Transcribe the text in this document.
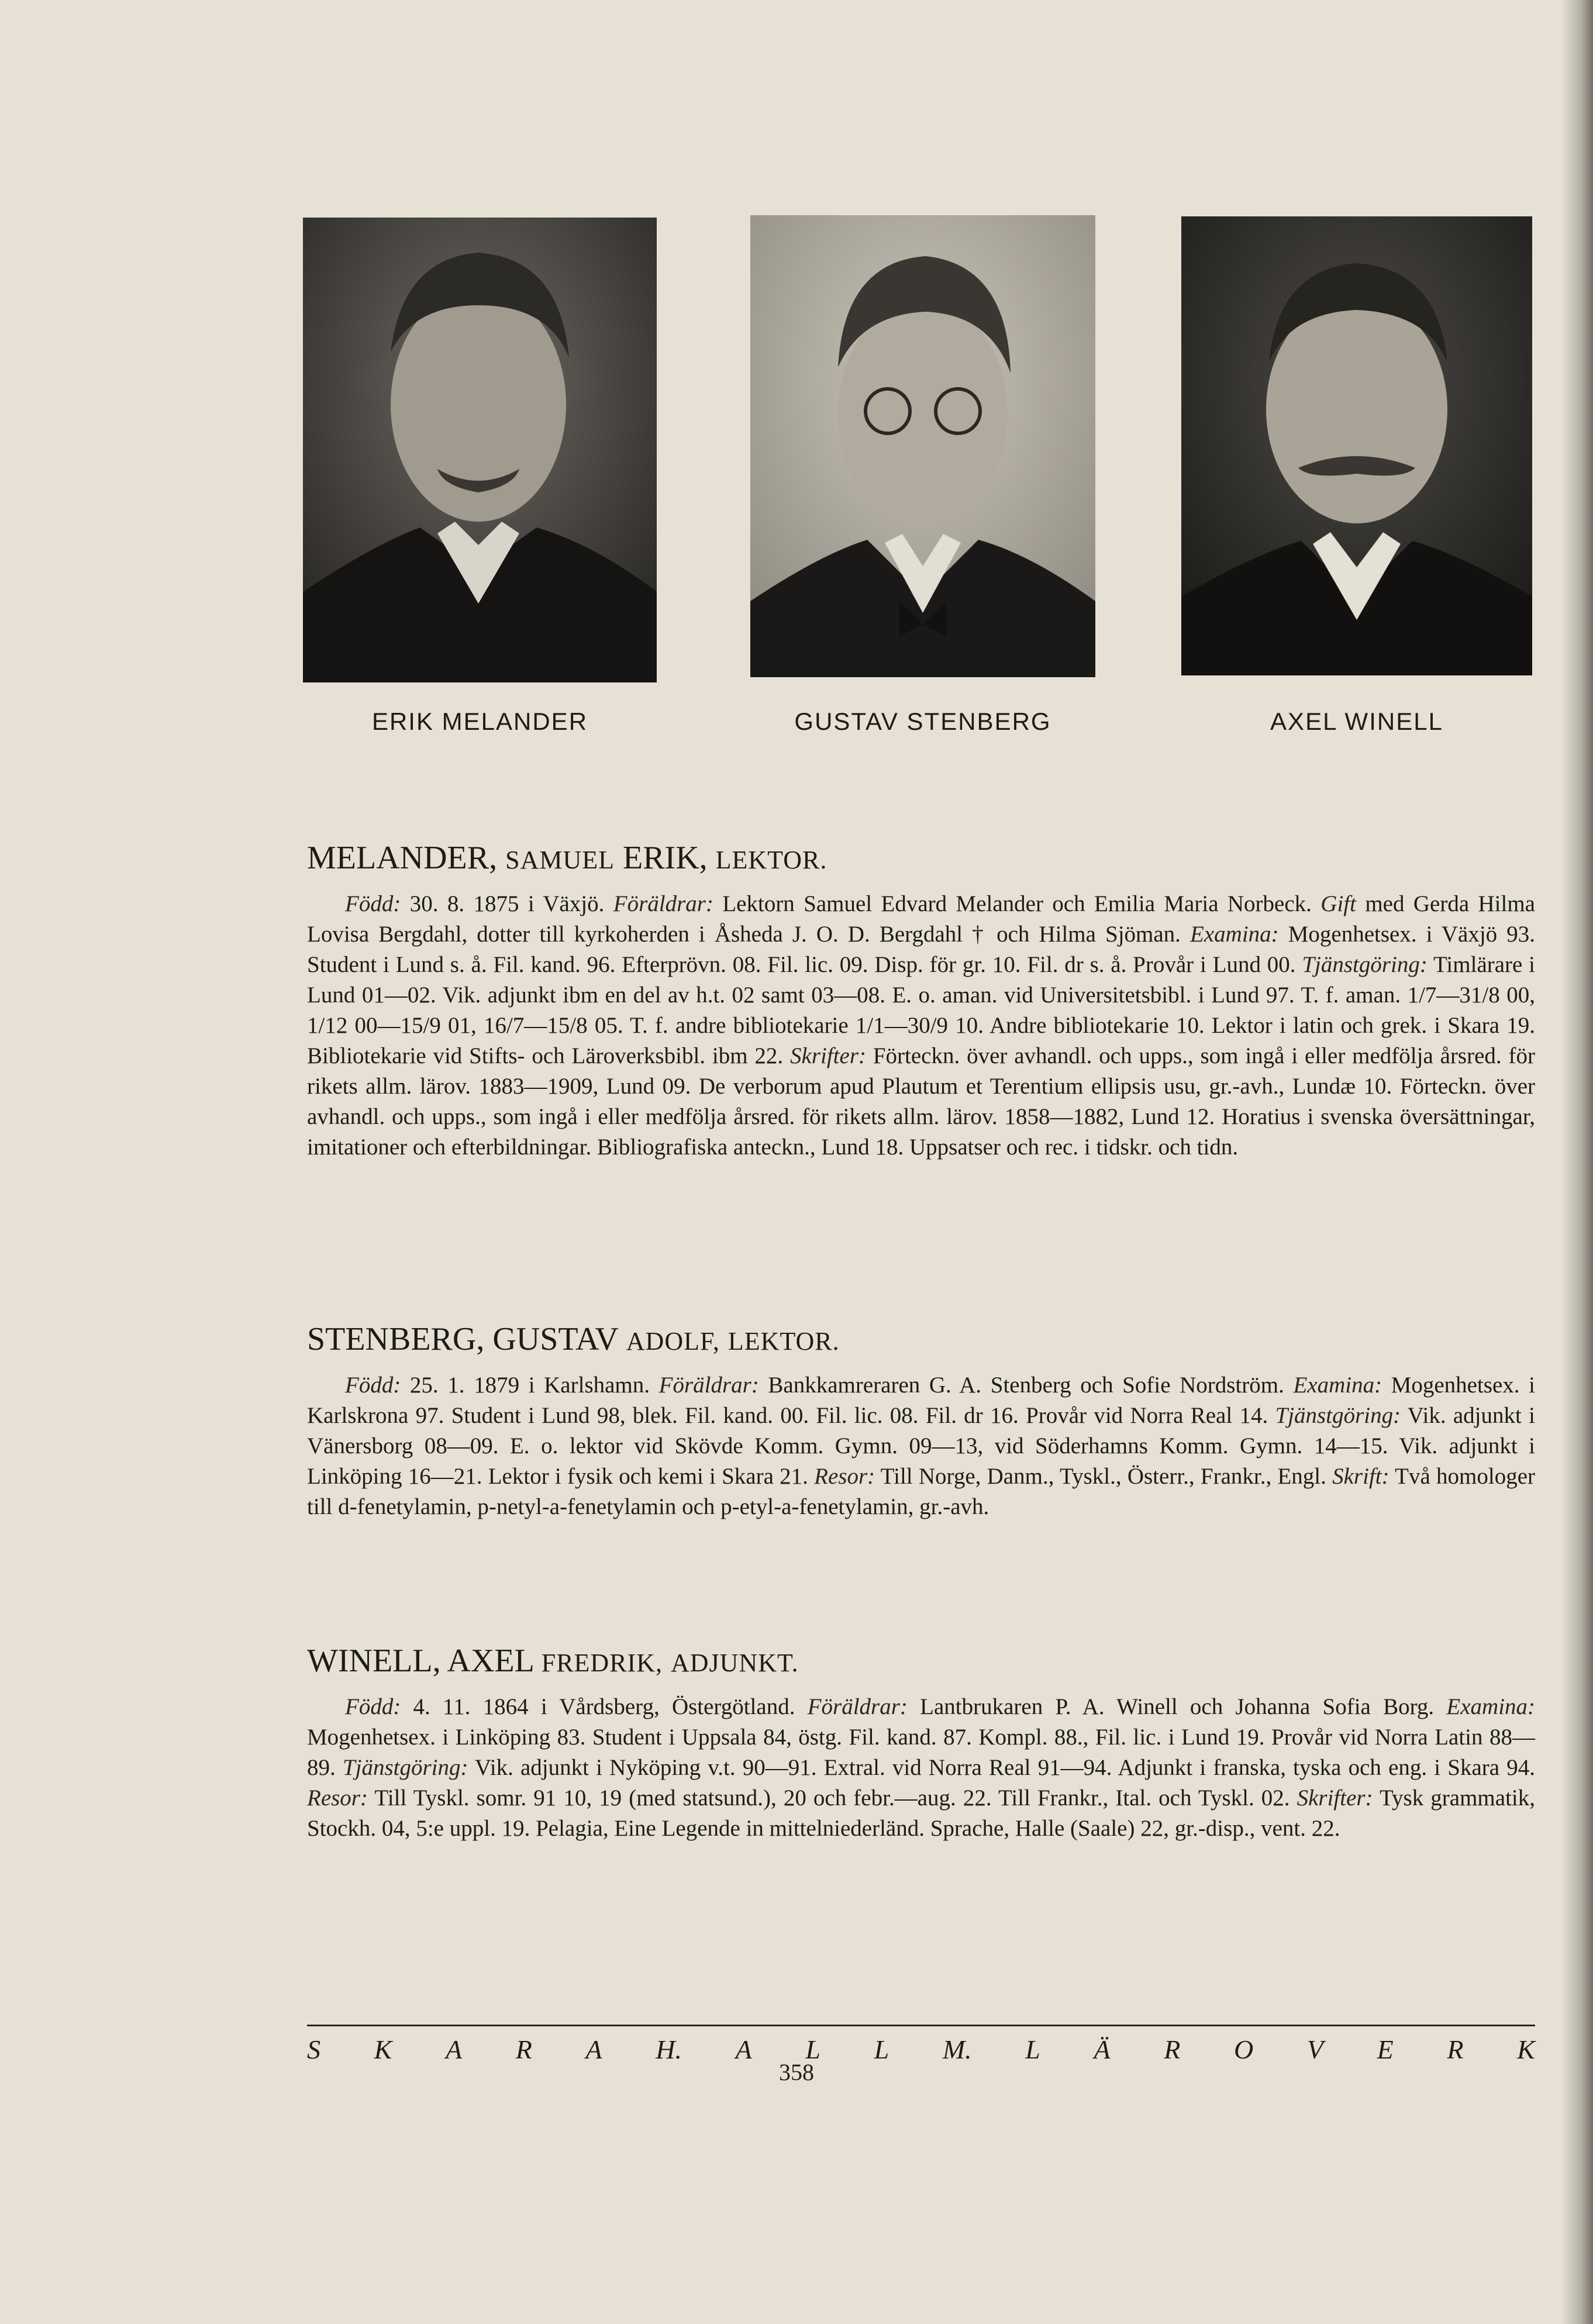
ERIK MELANDER	GUSTAV STENBERG	AXEL WINELL
MELANDER, SAMUEL ERIK, LEKTOR.

Född: 30. 8. 1875 i Växjö. Föräldrar: Lektorn Samuel Edvard Melander och Emilia Maria Norbeck. Gift med Gerda Hilma Lovisa Bergdahl, dotter till kyrkoherden i Åsheda J. O. D. Bergdahl † och Hilma Sjöman. Examina: Mogenhetsex. i Växjö 93. Student i Lund s. å. Fil. kand. 96. Efterprövn. 08. Fil. lic. 09. Disp. för gr. 10. Fil. dr s. å. Provår i Lund 00. Tjänstgöring: Timlärare i Lund 01—02. Vik. adjunkt ibm en del av h.t. 02 samt 03—08. E. o. aman. vid Universitetsbibl. i Lund 97. T. f. aman. 1/7—31/8 00, 1/12 00—15/9 01, 16/7—15/8 05. T. f. andre bibliotekarie 1/1—30/9 10. Andre bibliotekarie 10. Lektor i latin och grek. i Skara 19. Bibliotekarie vid Stifts- och Läroverksbibl. ibm 22. Skrifter: Förteckn. över avhandl. och upps., som ingå i eller medfölja årsred. för rikets allm. lärov. 1883—1909, Lund 09. De verborum apud Plautum et Terentium ellipsis usu, gr.-avh., Lundæ 10. Förteckn. över avhandl. och upps., som ingå i eller medfölja årsred. för rikets allm. lärov. 1858—1882, Lund 12. Horatius i svenska översättningar, imitationer och efterbildningar. Bibliografiska anteckn., Lund 18. Uppsatser och rec. i tidskr. och tidn.

STENBERG, GUSTAV ADOLF, LEKTOR.

Född: 25. 1. 1879 i Karlshamn. Föräldrar: Bankkamreraren G. A. Stenberg och Sofie Nordström. Examina: Mogenhetsex. i Karlskrona 97. Student i Lund 98, blek. Fil. kand. 00. Fil. lic. 08. Fil. dr 16. Provår vid Norra Real 14. Tjänstgöring: Vik. adjunkt i Vänersborg 08—09. E. o. lektor vid Skövde Komm. Gymn. 09—13, vid Söderhamns Komm. Gymn. 14—15. Vik. adjunkt i Linköping 16—21. Lektor i fysik och kemi i Skara 21. Resor: Till Norge, Danm., Tyskl., Österr., Frankr., Engl. Skrift: Två homologer till d-fenetylamin, p-netyl-a-fenetylamin och p-etyl-a-fenetylamin, gr.-avh.

WINELL, AXEL FREDRIK, ADJUNKT.

Född: 4. 11. 1864 i Vårdsberg, Östergötland. Föräldrar: Lantbrukaren P. A. Winell och Johanna Sofia Borg. Examina: Mogenhetsex. i Linköping 83. Student i Uppsala 84, östg. Fil. kand. 87. Kompl. 88., Fil. lic. i Lund 19. Provår vid Norra Latin 88—89. Tjänstgöring: Vik. adjunkt i Nyköping v.t. 90—91. Extral. vid Norra Real 91—94. Adjunkt i franska, tyska och eng. i Skara 94. Resor: Till Tyskl. somr. 91 10, 19 (med statsund.), 20 och febr.—aug. 22. Till Frankr., Ital. och Tyskl. 02. Skrifter: Tysk grammatik, Stockh. 04, 5:e uppl. 19. Pelagia, Eine Legende in mittelniederländ. Sprache, Halle (Saale) 22, gr.-disp., vent. 22.

S K A R A H. A L L M. L Ä R O V E R K
358
